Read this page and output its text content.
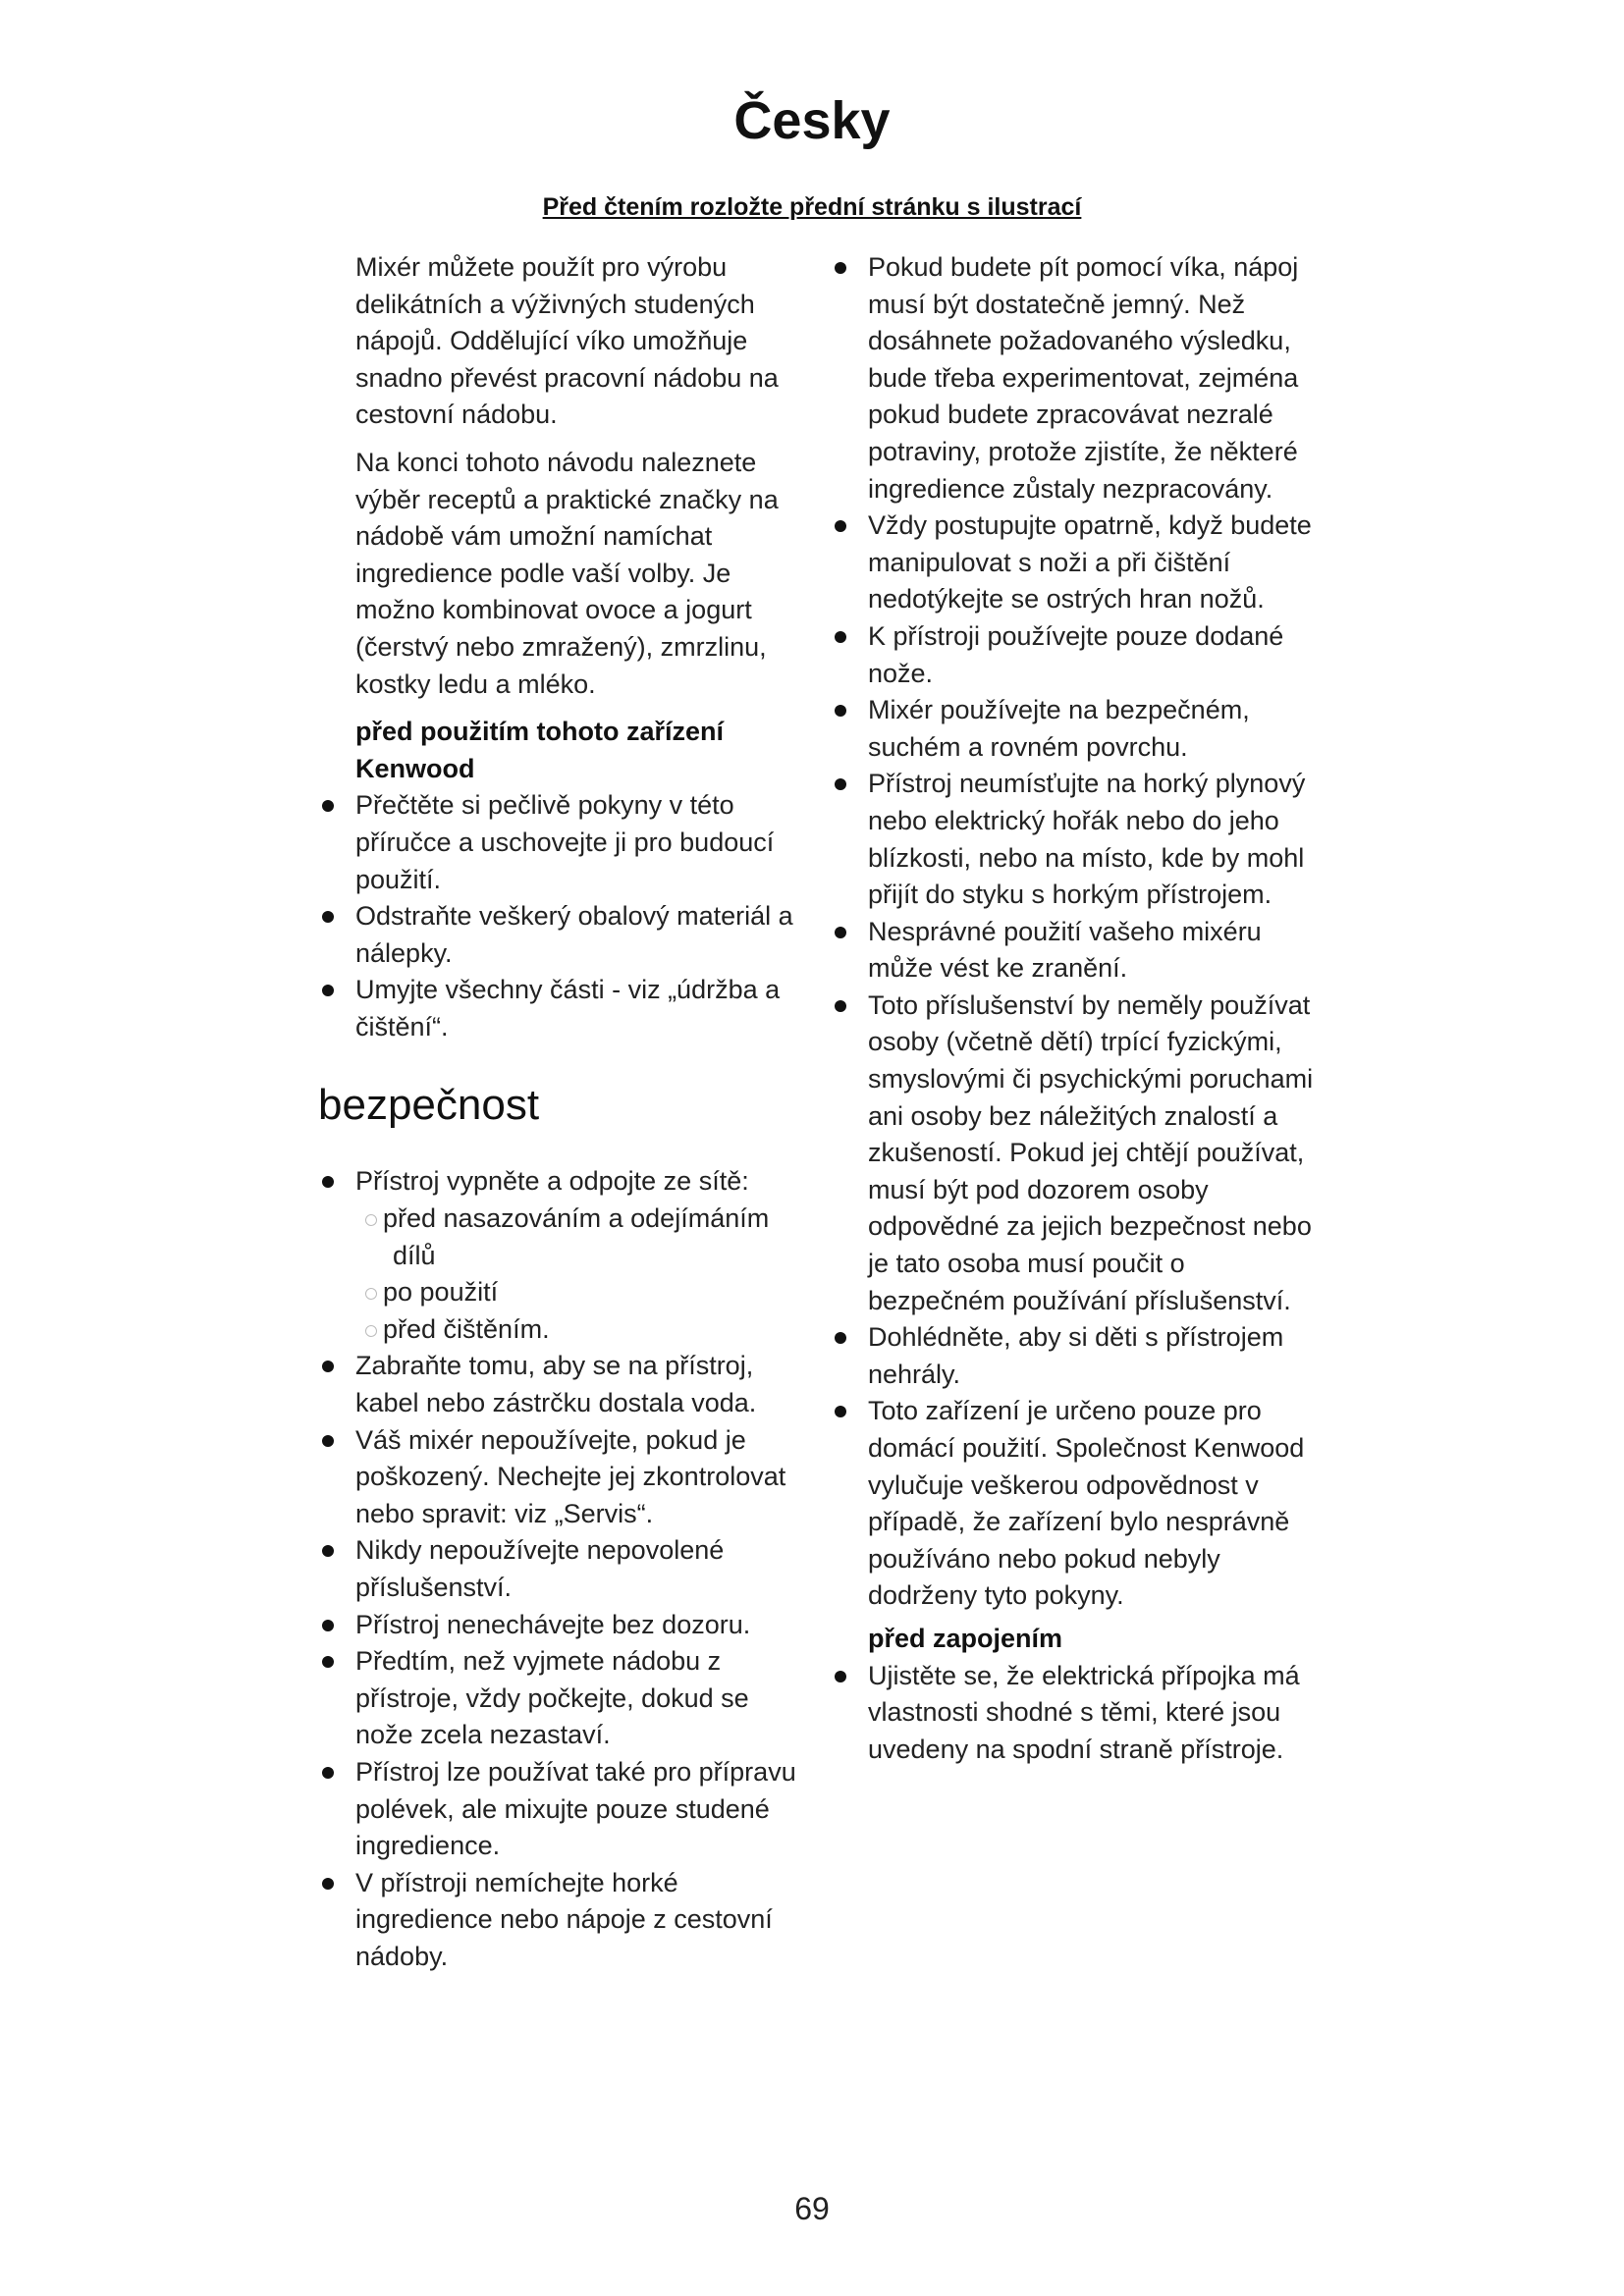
Česky
Před čtením rozložte přední stránku s ilustrací

Mixér můžete použít pro výrobu delikátních a výživných studených nápojů. Oddělující víko umožňuje snadno převést pracovní nádobu na cestovní nádobu.

Na konci tohoto návodu naleznete výběr receptů a praktické značky na nádobě vám umožní namíchat ingredience podle vaší volby. Je možno kombinovat ovoce a jogurt (čerstvý nebo zmražený), zmrzlinu, kostky ledu a mléko.

před použitím tohoto zařízení Kenwood
Přečtěte si pečlivě pokyny v této příručce a uschovejte ji pro budoucí použití.
Odstraňte veškerý obalový materiál a nálepky.
Umyjte všechny části - viz „údržba a čištění“.
bezpečnost
Přístroj vypněte a odpojte ze sítě:
před nasazováním a odejímáním
dílů
po použití
před čištěním.
Zabraňte tomu, aby se na přístroj, kabel nebo zástrčku dostala voda.
Váš mixér nepoužívejte, pokud je poškozený. Nechejte jej zkontrolovat nebo spravit: viz „Servis“.
Nikdy nepoužívejte nepovolené příslušenství.
Přístroj nenechávejte bez dozoru.
Předtím, než vyjmete nádobu z přístroje, vždy počkejte, dokud se nože zcela nezastaví.
Přístroj lze používat také pro přípravu polévek, ale mixujte pouze studené ingredience.
V přístroji nemíchejte horké ingredience nebo nápoje z cestovní nádoby.
Pokud budete pít pomocí víka, nápoj musí být dostatečně jemný. Než dosáhnete požadovaného výsledku, bude třeba experimentovat, zejména pokud budete zpracovávat nezralé potraviny, protože zjistíte, že některé ingredience zůstaly nezpracovány.
Vždy postupujte opatrně, když budete manipulovat s noži a při čištění nedotýkejte se ostrých hran nožů.
K přístroji používejte pouze dodané nože.
Mixér používejte na bezpečném, suchém a rovném povrchu.
Přístroj neumísťujte na horký plynový nebo elektrický hořák nebo do jeho blízkosti, nebo na místo, kde by mohl přijít do styku s horkým přístrojem.
Nesprávné použití vašeho mixéru může vést ke zranění.
Toto příslušenství by neměly používat osoby (včetně dětí) trpící fyzickými, smyslovými či psychickými poruchami ani osoby bez náležitých znalostí a zkušeností. Pokud jej chtějí používat, musí být pod dozorem osoby odpovědné za jejich bezpečnost nebo je tato osoba musí poučit o bezpečném používání příslušenství.
Dohlédněte, aby si děti s přístrojem nehrály.
Toto zařízení je určeno pouze pro domácí použití. Společnost Kenwood vylučuje veškerou odpovědnost v případě, že zařízení bylo nesprávně používáno nebo pokud nebyly dodrženy tyto pokyny.
před zapojením
Ujistěte se, že elektrická přípojka má vlastnosti shodné s těmi, které jsou uvedeny na spodní straně přístroje.
69
